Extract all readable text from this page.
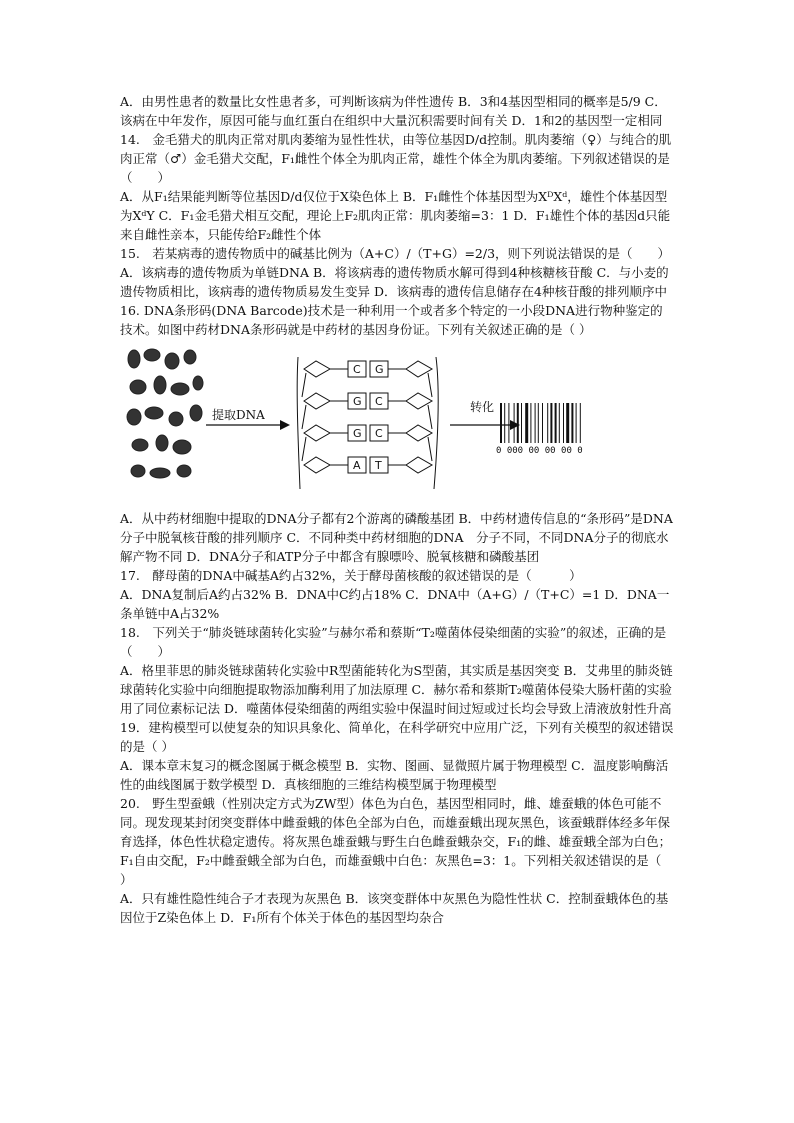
A．由男性患者的数量比女性患者多，可判断该病为伴性遗传 B．3和4基因型相同的概率是5/9 C．该病在中年发作，原因可能与血红蛋白在组织中大量沉积需要时间有关 D．1和2的基因型一定相同

14.　金毛猎犬的肌肉正常对肌肉萎缩为显性性状，由等位基因D/d控制。肌肉萎缩（♀）与纯合的肌肉正常（♂）金毛猎犬交配，F₁雌性个体全为肌肉正常，雄性个体全为肌肉萎缩。下列叙述错误的是（　　）

A．从F₁结果能判断等位基因D/d仅位于X染色体上 B．F₁雌性个体基因型为XᴰXᵈ，雄性个体基因型为XᵈY C．F₁金毛猎犬相互交配，理论上F₂肌肉正常：肌肉萎缩=3：1 D．F₁雄性个体的基因d只能来自雌性亲本，只能传给F₂雌性个体

15.　若某病毒的遗传物质中的碱基比例为（A+C）/（T+G）=2/3，则下列说法错误的是（　　）

A．该病毒的遗传物质为单链DNA B．将该病毒的遗传物质水解可得到4种核糖核苷酸 C．与小麦的遗传物质相比，该病毒的遗传物质易发生变异 D．该病毒的遗传信息储存在4种核苷酸的排列顺序中

16. DNA条形码(DNA Barcode)技术是一种利用一个或者多个特定的一小段DNA进行物种鉴定的技术。如图中药材DNA条形码就是中药材的基因身份证。下列有关叙述正确的是（ ）

提取DNA
C G
G C
G C
A T
转化
0 000 00 00 00 0

A．从中药材细胞中提取的DNA分子都有2个游离的磷酸基团 B．中药材遗传信息的“条形码”是DNA分子中脱氧核苷酸的排列顺序 C．不同种类中药材细胞的DNA　分子不同，不同DNA分子的彻底水解产物不同 D．DNA分子和ATP分子中都含有腺嘌呤、脱氧核糖和磷酸基团

17.　酵母菌的DNA中碱基A约占32%，关于酵母菌核酸的叙述错误的是（　　　）

A．DNA复制后A约占32% B．DNA中C约占18% C．DNA中（A+G）/（T+C）=1 D．DNA一条单链中A占32%

18.　下列关于“肺炎链球菌转化实验”与赫尔希和蔡斯“T₂噬菌体侵染细菌的实验”的叙述，正确的是（　　）

A．格里菲思的肺炎链球菌转化实验中R型菌能转化为S型菌，其实质是基因突变 B．艾弗里的肺炎链球菌转化实验中向细胞提取物添加酶利用了加法原理 C．赫尔希和蔡斯T₂噬菌体侵染大肠杆菌的实验用了同位素标记法 D．噬菌体侵染细菌的两组实验中保温时间过短或过长均会导致上清液放射性升高

19．建构模型可以使复杂的知识具象化、简单化，在科学研究中应用广泛，下列有关模型的叙述错误的是（ ）

A．课本章末复习的概念图属于概念模型 B．实物、图画、显微照片属于物理模型 C．温度影响酶活性的曲线图属于数学模型 D．真核细胞的三维结构模型属于物理模型

20.　野生型蚕蛾（性别决定方式为ZW型）体色为白色，基因型相同时，雌、雄蚕蛾的体色可能不同。现发现某封闭突变群体中雌蚕蛾的体色全部为白色，而雄蚕蛾出现灰黑色，该蚕蛾群体经多年保育选择，体色性状稳定遗传。将灰黑色雄蚕蛾与野生白色雌蚕蛾杂交，F₁的雌、雄蚕蛾全部为白色；F₁自由交配，F₂中雌蚕蛾全部为白色，而雄蚕蛾中白色：灰黑色=3：1。下列相关叙述错误的是（　　　）

A．只有雄性隐性纯合子才表现为灰黑色 B．该突变群体中灰黑色为隐性性状 C．控制蚕蛾体色的基因位于Z染色体上 D．F₁所有个体关于体色的基因型均杂合
